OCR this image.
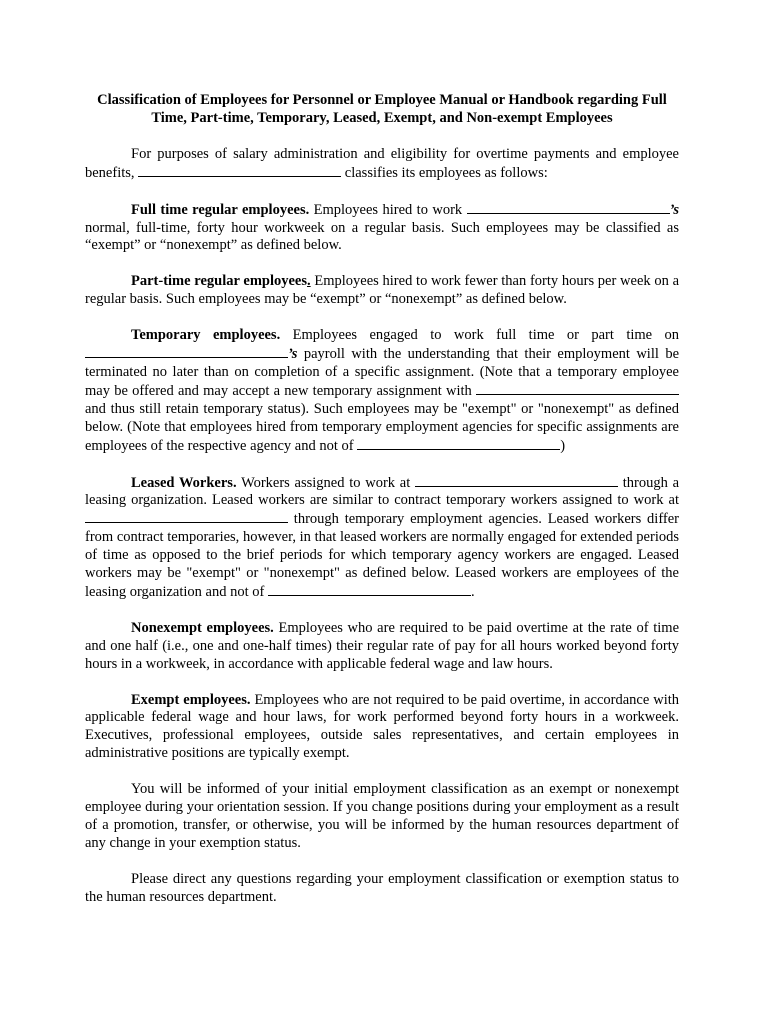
Classification of Employees for Personnel or Employee Manual or Handbook regarding Full Time, Part-time, Temporary, Leased, Exempt, and Non-exempt Employees

For purposes of salary administration and eligibility for overtime payments and employee benefits,	classifies its employees as follows:

Full time regular employees. Employees hired to work	’s normal, full-time, forty hour workweek on a regular basis. Such employees may be classified as “exempt” or “nonexempt” as defined below.

Part-time regular employees. Employees hired to work fewer than forty hours per week on a regular basis. Such employees may be “exempt” or “nonexempt” as defined below.

Temporary employees. Employees engaged to work full time or part time on ’s payroll with the understanding that their employment will be terminated no later than on completion of a specific assignment. (Note that a temporary employee may be offered and may accept a new temporary assignment with  and thus still retain temporary status). Such employees may be "exempt" or "nonexempt" as defined below. (Note that employees hired from temporary employment agencies for specific assignments are employees of the respective agency and not of	)

Leased Workers. Workers assigned to work at	through a leasing organization. Leased workers are similar to contract temporary workers assigned to work at  through temporary employment agencies. Leased workers differ from contract temporaries, however, in that leased workers are normally engaged for extended periods of time as opposed to the brief periods for which temporary agency workers are engaged. Leased workers may be "exempt" or "nonexempt" as defined below. Leased workers are employees of the leasing organization and not of	.

Nonexempt employees. Employees who are required to be paid overtime at the rate of time and one half (i.e., one and one-half times) their regular rate of pay for all hours worked beyond forty hours in a workweek, in accordance with applicable federal wage and law hours.

Exempt employees. Employees who are not required to be paid overtime, in accordance with applicable federal wage and hour laws, for work performed beyond forty hours in a workweek. Executives, professional employees, outside sales representatives, and certain employees in administrative positions are typically exempt.

You will be informed of your initial employment classification as an exempt or nonexempt employee during your orientation session. If you change positions during your employment as a result of a promotion, transfer, or otherwise, you will be informed by the human resources department of any change in your exemption status.

Please direct any questions regarding your employment classification or exemption status to the human resources department.
